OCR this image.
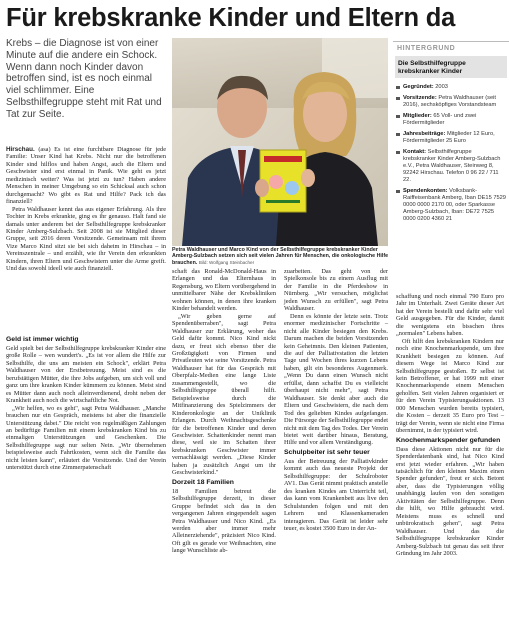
Für krebskranke Kinder und Eltern da
Krebs – die Diagnose ist von einer Minute auf die andere ein Schock. Wenn dann noch Kinder davon betroffen sind, ist es noch einmal viel schlimmer. Eine Selbsthilfegruppe steht mit Rat und Tat zur Seite.

Hirschau. (asa) Es ist eine furchtbare Diagnose für jede Familie: Unser Kind hat Krebs. Nicht nur die betroffenen Kinder sind hilflos und haben Angst, auch die Eltern und Geschwister sind erst einmal in Panik. Wie geht es jetzt medizinisch weiter? Was ist jetzt zu tun? Haben andere Menschen in meiner Umgebung so ein Schicksal auch schon durchgemacht? Wo gibt es Rat und Hilfe? Pack ich das finanziell?

Petra Waldhauser kennt das aus eigener Erfahrung. Als ihre Tochter in Krebs erkrankte, ging es ihr genauso. Halt fand sie damals unter anderem bei der Selbsthilfegruppe krebskranker Kinder Amberg-Sulzbach. Seit 2008 ist sie Mitglied dieser Gruppe, seit 2016 deren Vorsitzende. Gemeinsam mit ihrem Vize Marco Kind sitzt sie bei sich daheim in Hirschau – in Vereinszentrale – und erzählt, wie ihr Verein den erkrankten Kindern, ihren Eltern und Geschwistern unter die Arme greift. Und das sowohl ideell wie auch finanziell.

Petra Waldhauser und Marco Kind von der Selbsthilfegruppe krebskranker Kinder Amberg-Sulzbach setzen sich seit vielen Jahren für Menschen, die onkologische Hilfe brauchen. Bild: Wolfgang Steinbacher
HINTERGRUND
Die Selbsthilfegruppe krebskranker Kinder
Gegründet: 2003
Vorsitzende: Petra Waldhauser (seit 2016), sechsköpfiges Vorstandsteam
Mitglieder: 65 Voll- und zwei Fördermitglieder
Jahresbeiträge: Mitglieder 12 Euro, Fördermitglieder 25 Euro
Kontakt: Selbsthilfegruppe krebskranker Kinder Amberg-Sulzbach e.V., Petra Waldhauser, Steinweg 8, 92242 Hirschau. Telefon 0 96 22 / 711 22.
Spendenkonten: Volksbank-Raiffeisenbank Amberg, Iban DE15 7529 0000 0000 2170 00, oder Sparkasse Amberg-Sulzbach, Iban: DE72 7525 0000 0200 4360 21
Geld ist immer wichtig

Geld spielt bei der Selbsthilfegruppe krebskranker Kinder eine große Rolle – wen wundert's. „Es ist vor allem die Hilfe zur Selbsthilfe, die uns am meisten ein Schock", erklärt Petra Waldhauser von der Erstbetreuung. Meist sind es die berufstätigen Mütter, die ihre Jobs aufgeben, um sich voll und ganz um ihre kranken Kinder kümmern zu können. Meist sind es Mütter dann auch noch alleinverdienend, droht neben der Krankheit auch noch die wirtschaftliche Not.

„Wir helfen, wo es geht", sagt Petra Waldhauser. „Manche brauchen nur ein Gespräch, meistens ist aber die finanzielle Unterstützung dabei." Die reicht von regelmäßigen Zahlungen an bedürftige Familien mit einem krebskranken Kind bis zu einmaligen Unterstützungen und Geschenken. Die Selbsthilfegruppe sagt nur selten Nein. „Wir übernehmen beispielsweise auch Fahrtkosten, wenn sich die Familie das nicht leisten kann", erläutert die Vorsitzende. Und der Verein unterstützt durch eine Zimmerpatenschaft

schaft das Ronald-McDonald-Haus in Erlangen und das Elternhaus in Regensburg, wo Eltern vorübergehend in unmittelbarer Nähe der Krebskliniken wohnen können, in denen ihre kranken Kinder behandelt werden.

„Wir geben gerne auf Spendenüberraben", sagt Petra Waldhauser zur Erklärung, woher das Geld dafür kommt. Nico Kind nickt dazu, er freut sich ebenso über die Großzügigkeit von Firmen und Privatleuten wie seine Vorsitzende. Petra Waldhauser hat für das Gespräch mit Oberpfalz-Medien eine lange Liste zusammengestellt, wo die Selbsthilfegruppe überall hilft. Beispielsweise durch die Mitfinanzierung des Spielzimmers der Kinderonkologie an der Uniklinik Erlangen. Durch Weihnachtsgeschenke für die betroffenen Kinder und deren Geschwister. Schattenkinder nennt man diese, weil sie im Schatten ihrer krebskranken Geschwister immer vernachlässigt werden. „Diese Kinder haben ja zusätzlich Angst um ihr Geschwisterkind."

Dorzeit 18 Familien

18 Familien betreut die Selbsthilfegruppe derzeit, in dieser Gruppe befindet sich das in den vergangenen Jahren eingependelt sagen Petra Waldhauser und Nico Kind. „Es werden aber immer mehr Alleinerziehende", präzisiert Nico Kind. Oft gilt es gerade vor Weihnachten, eine lange Wunschliste ab-

zuarbeiten. Das geht von der Spielkonsole bis zu einem Ausflug mit der Familie in die Pferdeshow in Nürnberg. „Wir versuchen, möglichst jeden Wunsch zu erfüllen", sagt Petra Waldhauser.

Denn es könnte der letzte sein. Trotz enormer medizinischer Fortschritte – nicht alle Kinder besiegen den Krebs. Darum machen die beiden Vorsitzenden kein Geheimnis. Den kleinen Patienten, die auf der Palliativstation die letzten Tage und Wochen ihres kurzen Lebens haben, gilt ein besonderes Augenmerk. „Wenn Du dann einen Wunsch nicht erfüllst, dann schaffst Du es vielleicht überhaupt nicht mehr", sagt Petra Waldhauser. Sie denkt aber auch die Eltern und Geschwistern, die nach dem Tod des geliebten Kindes aufgefangen. Die Fürsorge der Selbsthilfegruppe endet nicht mit dem Tag des Todes. Der Verein bietet weit darüber hinaus, Beratung, Hilfe und vor allem Verständigung.

Schulpbeiter ist sehr teuer

Aus der Betreuung der Palliativkinder kommt auch das neueste Projekt der Selbsthilfegruppe: der Schulroboter AV1. Das Gerät nimmt praktisch anstelle des kranken Kindes am Unterricht teil, das kann vom Krankenbett aus live den Schulstunden folgen und mit den Lehrern und Klassenkameraden interagieren. Das Gerät ist leider sehr teuer, es kostet 3500 Euro in der An-

schaffung und noch einmal 790 Euro pro Jahr im Unterhalt. Zwei Geräte dieser Art hat der Verein bestellt und dafür sehr viel Geld ausgegeben. Für die Kinder, damit die wenigstens ein bisschen ihres „normalen" Lebens haben.

Oft hilft den krebskranken Kindern nur noch eine Knochenmarkspende, um ihre Krankheit besiegen zu können. Auf diesem Wege ist Marco Kind zur Selbsthilfegruppe gestoßen. Er selbst ist kein Betroffener, er hat 1999 mit einer Knochenmarkspende einem Menschen geholfen. Seit vielen Jahren organisiert er für den Verein Typisierungsaktionen. 13 000 Menschen wurden bereits typisiert, die Kosten – derzeit 35 Euro pro Test – trägt der Verein, wenn sie nicht eine Firma übernimmt, in der typisiert wird.

Knochenmarkspender gefunden

Dass diese Aktionen nicht nur für die Spenderdatenbank sind, hat Nico Kind erst jetzt wieder erfahren. „Wir haben tatsächlich für den kleinen Maxim einen Spender gefunden", freut er sich. Betont aber, dass die Typisierungen völlig unabhängig laufen von den sonstigen Aktivitäten der Selbsthilfegruppe. Denn die hilft, wo Hilfe gebraucht wird. Meistens muss es schnell und unbürokratisch gehen", sagt Petra Waldhauser. Und das die Selbsthilfegruppe krebskranker Kinder Amberg-Sulzbach tut genau das seit ihrer Gründung im Jahr 2003.
